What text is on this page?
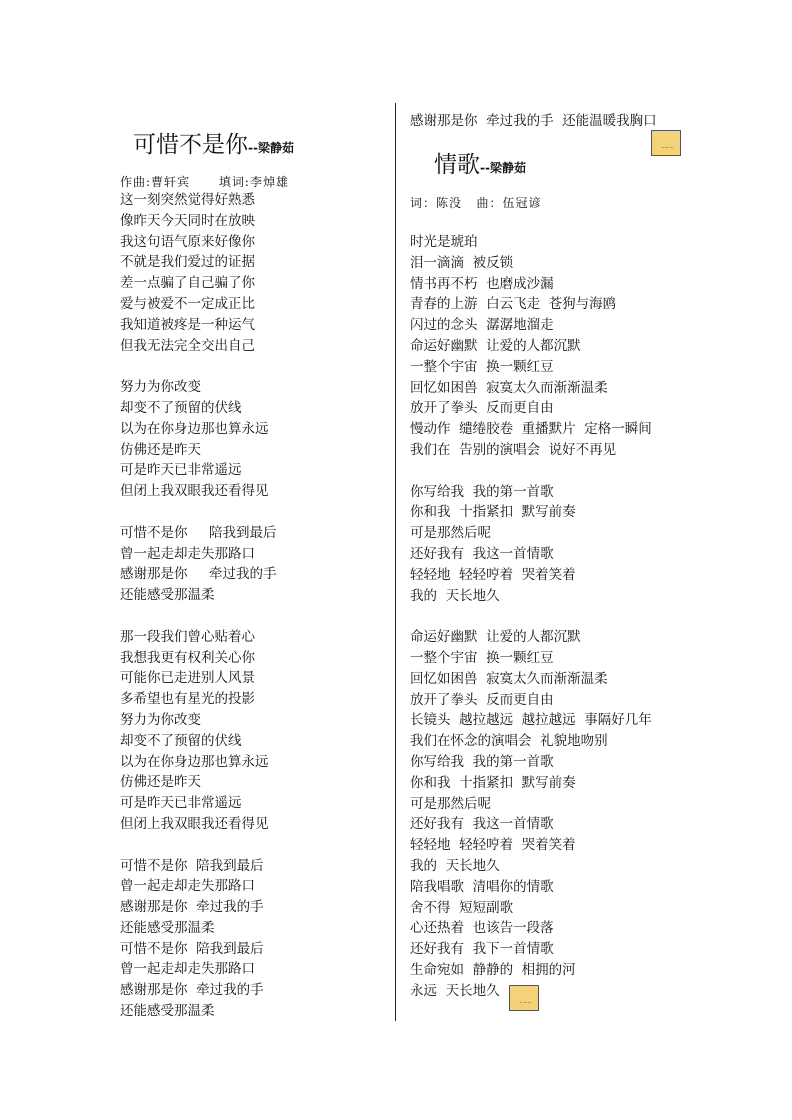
可惜不是你--梁静茹
作曲:曹轩宾      填词:李焯雄
这一刻突然觉得好熟悉
像昨天今天同时在放映
我这句语气原来好像你
不就是我们爱过的证据
差一点骗了自己骗了你
爱与被爱不一定成正比
我知道被疼是一种运气
但我无法完全交出自己
努力为你改变
却变不了预留的伏线
以为在你身边那也算永远
仿佛还是昨天
可是昨天已非常遥远
但闭上我双眼我还看得见
可惜不是你     陪我到最后
曾一起走却走失那路口
感谢那是你     牵过我的手
还能感受那温柔
那一段我们曾心贴着心
我想我更有权利关心你
可能你已走进别人风景
多希望也有星光的投影
努力为你改变
却变不了预留的伏线
以为在你身边那也算永远
仿佛还是昨天
可是昨天已非常遥远
但闭上我双眼我还看得见
可惜不是你  陪我到最后
曾一起走却走失那路口
感谢那是你  牵过我的手
还能感受那温柔
可惜不是你  陪我到最后
曾一起走却走失那路口
感谢那是你  牵过我的手
还能感受那温柔
感谢那是你  牵过我的手  还能温暖我胸口
情歌--梁静茹
词：陈没   曲：伍冠谚
时光是琥珀
泪一滴滴  被反锁
情书再不朽  也磨成沙漏
青春的上游  白云飞走  苍狗与海鸥
闪过的念头  潺潺地溜走
命运好幽默  让爱的人都沉默
一整个宇宙  换一颗红豆
回忆如困兽  寂寞太久而渐渐温柔
放开了拳头  反而更自由
慢动作  缱绻胶卷  重播默片  定格一瞬间
我们在  告别的演唱会  说好不再见
你写给我  我的第一首歌
你和我  十指紧扣  默写前奏
可是那然后呢
还好我有  我这一首情歌
轻轻地  轻轻哼着  哭着笑着
我的  天长地久
命运好幽默  让爱的人都沉默
一整个宇宙  换一颗红豆
回忆如困兽  寂寞太久而渐渐温柔
放开了拳头  反而更自由
长镜头  越拉越远  越拉越远  事隔好几年
我们在怀念的演唱会  礼貌地吻别
你写给我  我的第一首歌
你和我  十指紧扣  默写前奏
可是那然后呢
还好我有  我这一首情歌
轻轻地  轻轻哼着  哭着笑着
我的  天长地久
陪我唱歌  清唱你的情歌
舍不得  短短副歌
心还热着  也该告一段落
还好我有  我下一首情歌
生命宛如  静静的  相拥的河
永远  天长地久
~~~
~~~
